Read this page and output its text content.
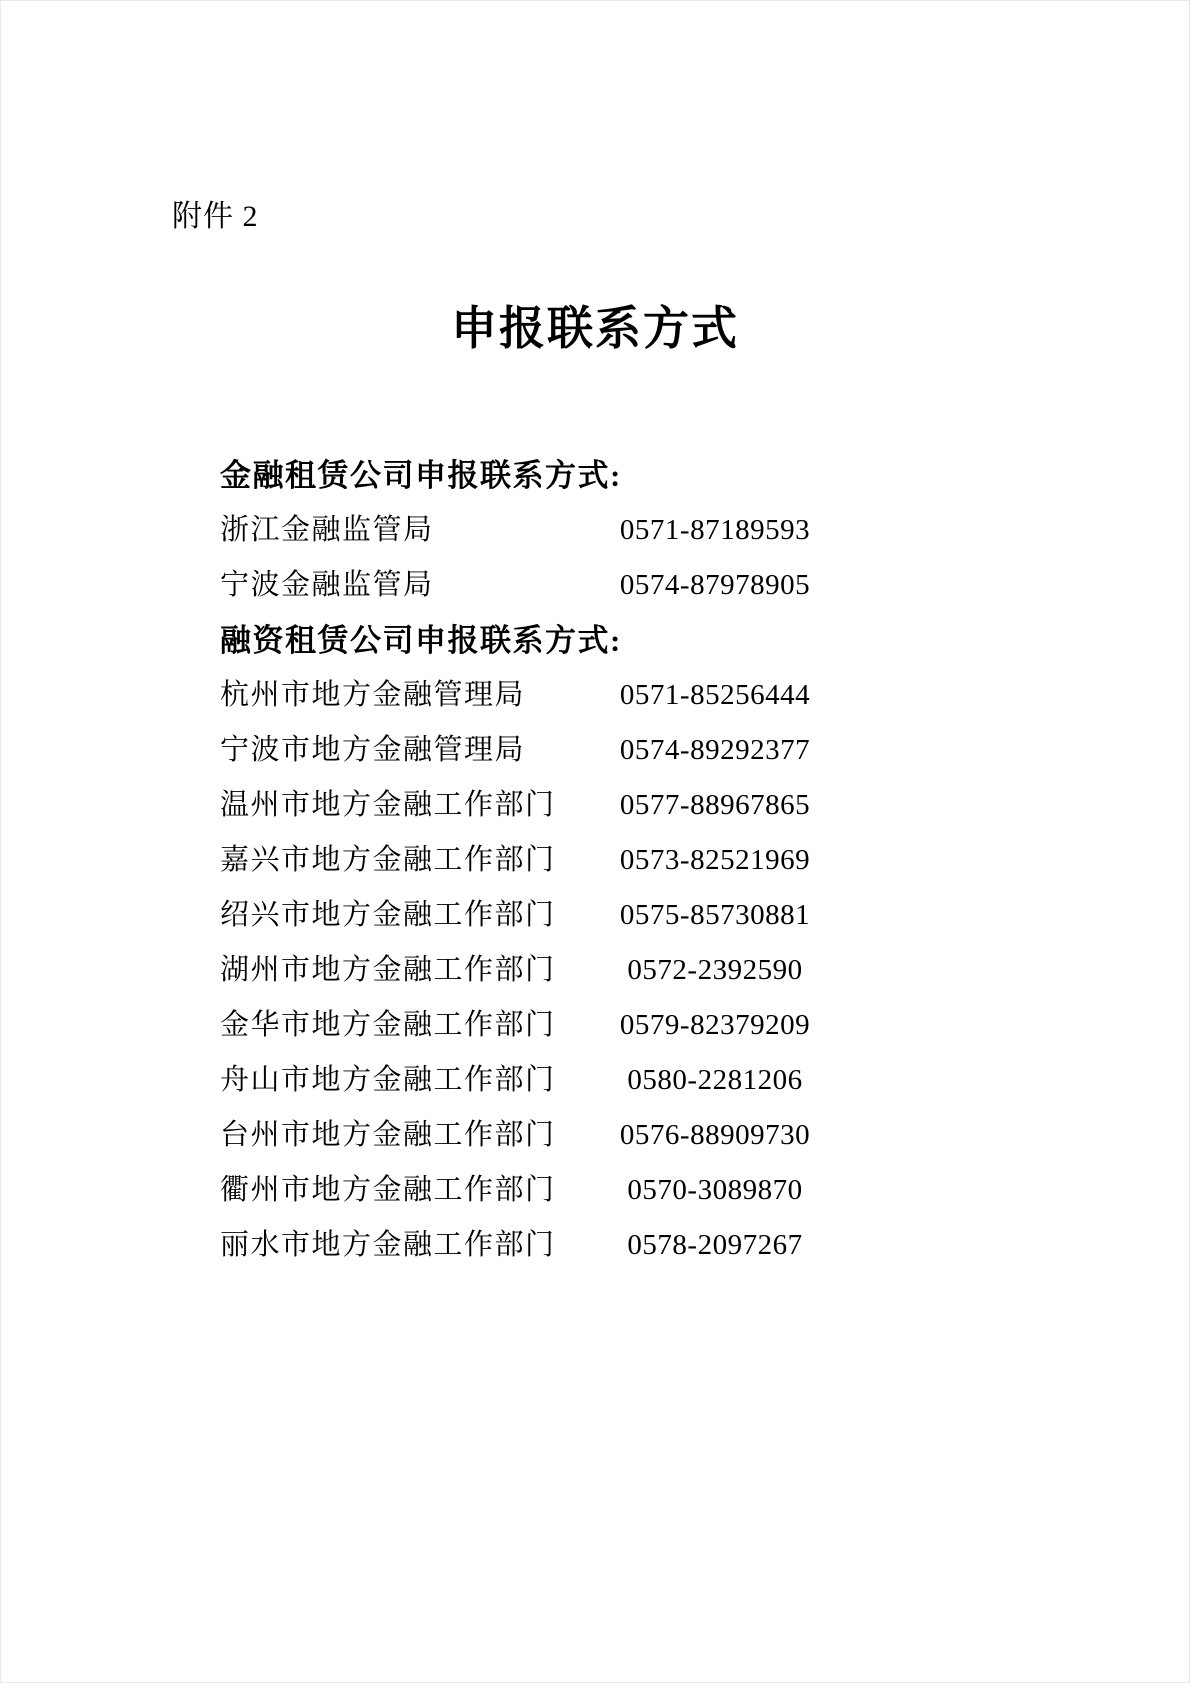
附件 2
申报联系方式
金融租赁公司申报联系方式:
浙江金融监管局	0571-87189593
宁波金融监管局	0574-87978905
融资租赁公司申报联系方式:
杭州市地方金融管理局	0571-85256444
宁波市地方金融管理局	0574-89292377
温州市地方金融工作部门	0577-88967865
嘉兴市地方金融工作部门	0573-82521969
绍兴市地方金融工作部门	0575-85730881
湖州市地方金融工作部门	0572-2392590
金华市地方金融工作部门	0579-82379209
舟山市地方金融工作部门	0580-2281206
台州市地方金融工作部门	0576-88909730
衢州市地方金融工作部门	0570-3089870
丽水市地方金融工作部门	0578-2097267
